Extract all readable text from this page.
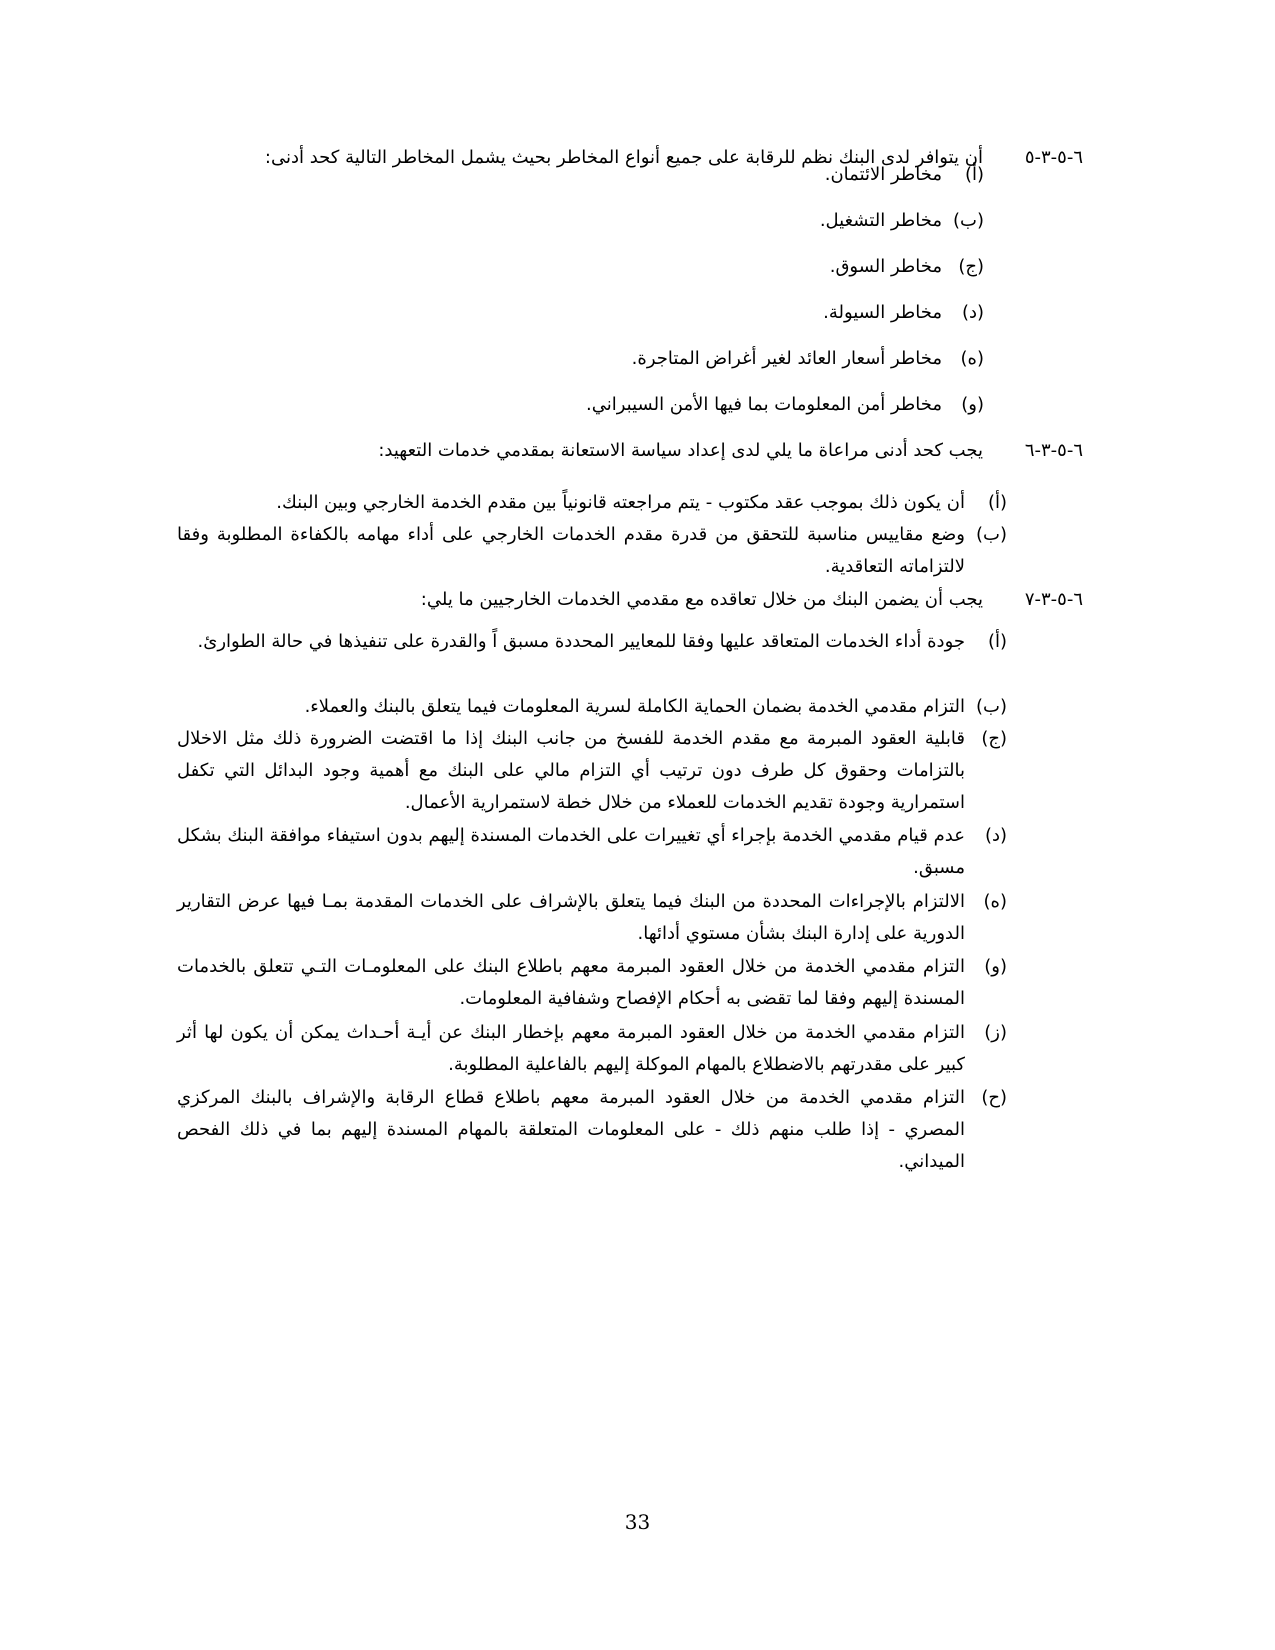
٦-٥-٣-٥
أن يتوافر لدى البنك نظم للرقابة على جميع أنواع المخاطر بحيث يشمل المخاطر التالية كحد أدنى:
(أ)مخاطر الائتمان.
(ب)مخاطر التشغيل.
(ج)مخاطر السوق.
(د)مخاطر السيولة.
(ه)مخاطر أسعار العائد لغير أغراض المتاجرة.
(و)مخاطر أمن المعلومات بما فيها الأمن السيبراني.
٦-٥-٣-٦
يجب كحد أدنى مراعاة ما يلي لدى إعداد سياسة الاستعانة بمقدمي خدمات التعهيد:
(أ)
أن يكون ذلك بموجب عقد مكتوب - يتم مراجعته قانونياً بين مقدم الخدمة الخارجي وبين البنك.
(ب)
وضع مقاييس مناسبة للتحقق من قدرة مقدم الخدمات الخارجي على أداء مهامه بالكفاءة المطلوبة وفقا لالتزاماته التعاقدية.
٦-٥-٣-٧
يجب أن يضمن البنك من خلال تعاقده مع مقدمي الخدمات الخارجيين ما يلي:
(أ)
جودة أداء الخدمات المتعاقد عليها وفقا للمعايير المحددة مسبق اً والقدرة على تنفيذها في حالة الطوارئ.
(ب)
التزام مقدمي الخدمة بضمان الحماية الكاملة لسرية المعلومات فيما يتعلق بالبنك والعملاء.
(ج)
قابلية العقود المبرمة مع مقدم الخدمة للفسخ من جانب البنك إذا ما اقتضت الضرورة ذلك مثل الاخلال بالتزامات وحقوق كل طرف دون ترتيب أي التزام مالي على البنك مع أهمية وجود البدائل التي تكفل استمرارية وجودة تقديم الخدمات للعملاء من خلال خطة لاستمرارية الأعمال.
(د)
عدم قيام مقدمي الخدمة بإجراء أي تغييرات على الخدمات المسندة إليهم بدون استيفاء موافقة البنك بشكل مسبق.
(ه)
الالتزام بالإجراءات المحددة من البنك فيما يتعلق بالإشراف على الخدمات المقدمة بمـا فيها عرض التقارير الدورية على إدارة البنك بشأن مستوي أدائها.
(و)
التزام مقدمي الخدمة من خلال العقود المبرمة معهم باطلاع البنك على المعلومـات التـي تتعلق بالخدمات المسندة إليهم وفقا لما تقضى به أحكام الإفصاح وشفافية المعلومات.
(ز)
التزام مقدمي الخدمة من خلال العقود المبرمة معهم بإخطار البنك عن أيـة أحـداث يمكن أن يكون لها أثر كبير على مقدرتهم بالاضطلاع بالمهام الموكلة إليهم بالفاعلية المطلوبة.
(ح)
التزام مقدمي الخدمة من خلال العقود المبرمة معهم باطلاع قطاع الرقابة والإشراف بالبنك المركزي المصري - إذا طلب منهم ذلك - على المعلومات المتعلقة بالمهام المسندة إليهم بما في ذلك الفحص الميداني.
33
